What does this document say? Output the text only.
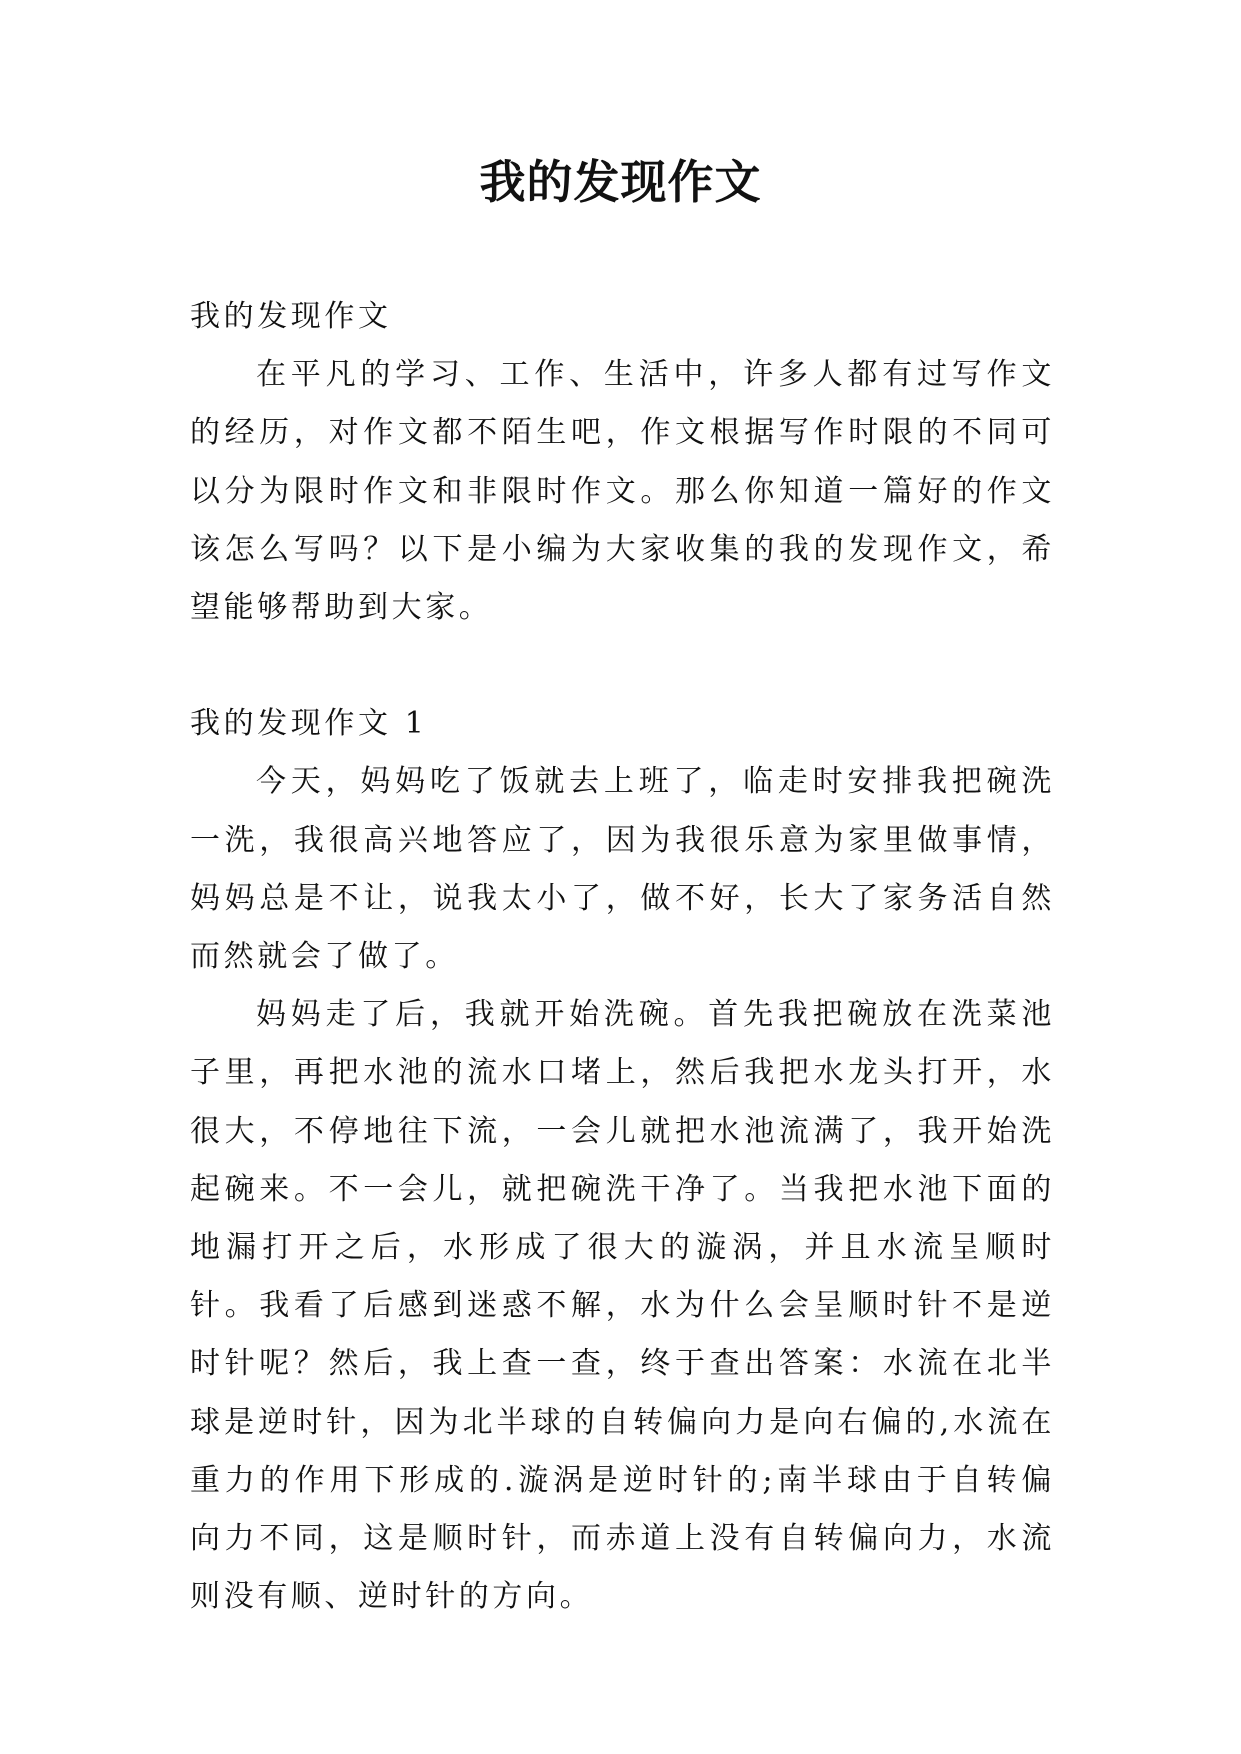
我的发现作文

我的发现作文

在平凡的学习、工作、生活中，许多人都有过写作文的经历，对作文都不陌生吧，作文根据写作时限的不同可以分为限时作文和非限时作文。那么你知道一篇好的作文该怎么写吗？以下是小编为大家收集的我的发现作文，希望能够帮助到大家。

我的发现作文 1

今天，妈妈吃了饭就去上班了，临走时安排我把碗洗一洗，我很高兴地答应了，因为我很乐意为家里做事情，妈妈总是不让，说我太小了，做不好，长大了家务活自然而然就会了做了。

妈妈走了后，我就开始洗碗。首先我把碗放在洗菜池子里，再把水池的流水口堵上，然后我把水龙头打开，水很大，不停地往下流，一会儿就把水池流满了，我开始洗起碗来。不一会儿，就把碗洗干净了。当我把水池下面的地漏打开之后，水形成了很大的漩涡，并且水流呈顺时针。我看了后感到迷惑不解，水为什么会呈顺时针不是逆时针呢？然后，我上查一查，终于查出答案：水流在北半球是逆时针，因为北半球的自转偏向力是向右偏的,水流在重力的作用下形成的.漩涡是逆时针的;南半球由于自转偏向力不同，这是顺时针，而赤道上没有自转偏向力，水流则没有顺、逆时针的方向。
